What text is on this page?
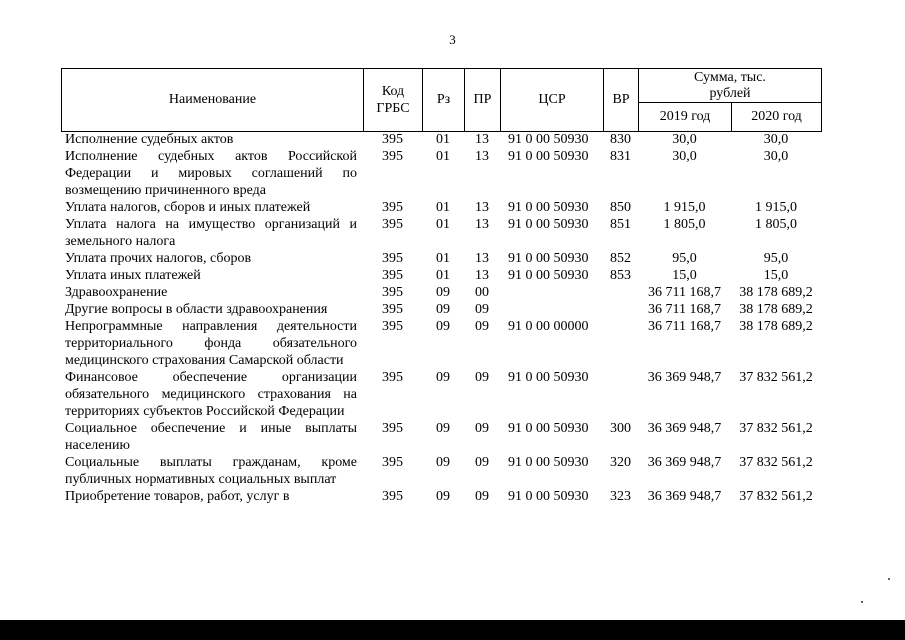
3
Наименование	Код ГРБС	Рз	ПР	ЦСР	ВР	Сумма, тыс. рублей	

						2019 год	2020 год
Исполнение судебных актов	395	01	13	91 0 00 50930	830	30,0	30,0
Исполнение судебных актов Российской Федерации и мировых соглашений по возмещению причиненного вреда	395	01	13	91 0 00 50930	831	30,0	30,0
Уплата налогов, сборов и иных платежей	395	01	13	91 0 00 50930	850	1 915,0	1 915,0
Уплата налога на имущество организаций и земельного налога	395	01	13	91 0 00 50930	851	1 805,0	1 805,0
Уплата прочих налогов, сборов	395	01	13	91 0 00 50930	852	95,0	95,0
Уплата иных платежей	395	01	13	91 0 00 50930	853	15,0	15,0
Здравоохранение	395	09	00			36 711 168,7	38 178 689,2
Другие вопросы в области здравоохранения	395	09	09			36 711 168,7	38 178 689,2
Непрограммные направления деятельности территориального фонда обязательного медицинского страхования Самарской области	395	09	09	91 0 00 00000		36 711 168,7	38 178 689,2
Финансовое обеспечение организации обязательного медицинского страхования на территориях субъектов Российской Федерации	395	09	09	91 0 00 50930		36 369 948,7	37 832 561,2
Социальное обеспечение и иные выплаты населению	395	09	09	91 0 00 50930	300	36 369 948,7	37 832 561,2
Социальные выплаты гражданам, кроме публичных нормативных социальных выплат	395	09	09	91 0 00 50930	320	36 369 948,7	37 832 561,2
Приобретение товаров, работ, услуг в	395	09	09	91 0 00 50930	323	36 369 948,7	37 832 561,2
